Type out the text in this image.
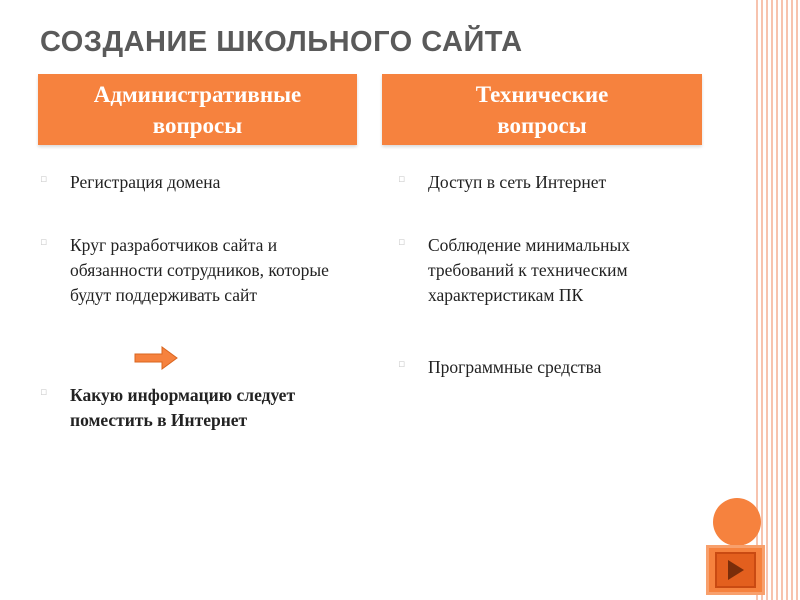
СОЗДАНИЕ ШКОЛЬНОГО САЙТА
Административные
вопросы
Технические
вопросы
▫	Регистрация домена
▫	Круг разработчиков сайта и обязанности сотрудников, которые будут поддерживать сайт
▫	Какую информацию следует поместить в Интернет
▫	Доступ в сеть Интернет
▫	Соблюдение минимальных требований к техническим характеристикам ПК
▫	Программные средства
